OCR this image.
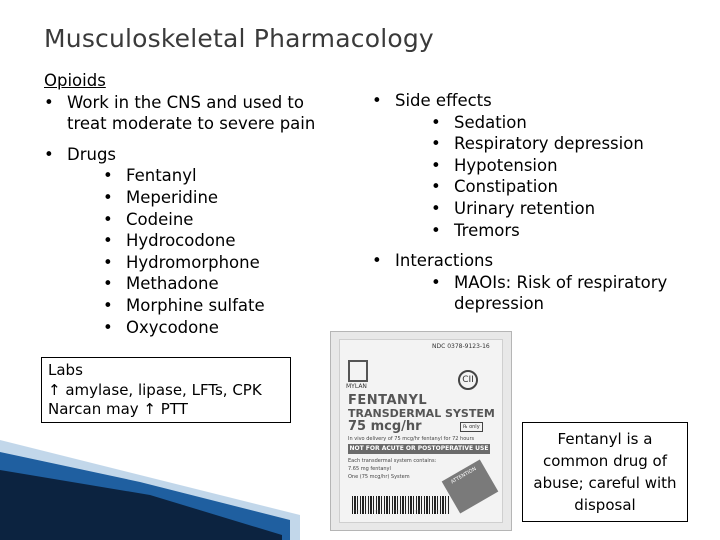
Musculoskeletal Pharmacology
Opioids
• Work in the CNS and used to treat moderate to severe pain
• Drugs
• Fentanyl
• Meperidine
• Codeine
• Hydrocodone
• Hydromorphone
• Methadone
• Morphine sulfate
• Oxycodone
• Side effects
• Sedation
• Respiratory depression
• Hypotension
• Constipation
• Urinary retention
• Tremors
• Interactions
• MAOIs: Risk of respiratory depression
Labs
↑ amylase, lipase, LFTs, CPK
Narcan may ↑ PTT
NDC 0378-9123-16
MYLAN
CII
FENTANYL
TRANSDERMAL SYSTEM
75 mcg/hr	℞ only
In vivo delivery of 75 mcg/hr fentanyl for 72 hours
NOT FOR ACUTE OR POSTOPERATIVE USE
Each transdermal system contains:
7.65 mg fentanyl
One (75 mcg/hr) System	ATTENTION
Fentanyl is a common drug of abuse; careful with disposal
